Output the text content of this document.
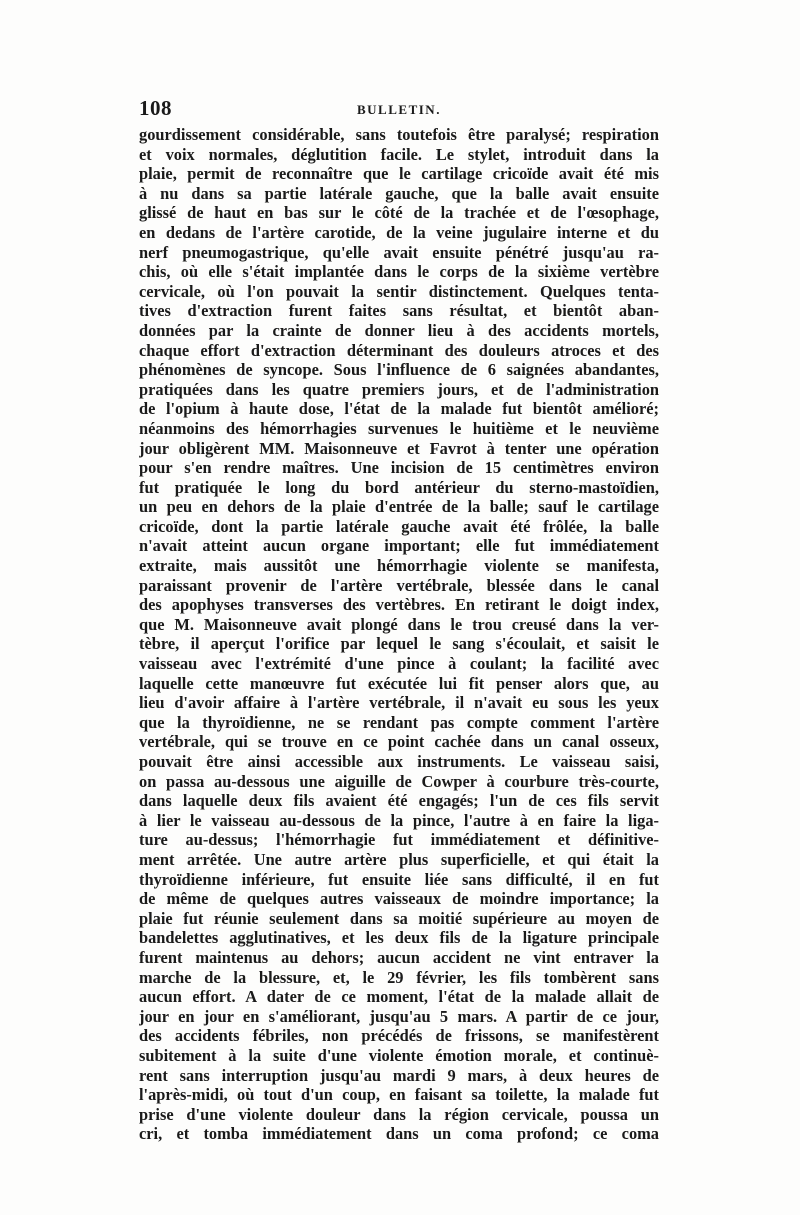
108	BULLETIN.
gourdissement considérable, sans toutefois être paralysé; respiration
et voix normales, déglutition facile. Le stylet, introduit dans la
plaie, permit de reconnaître que le cartilage cricoïde avait été mis
à nu dans sa partie latérale gauche, que la balle avait ensuite
glissé de haut en bas sur le côté de la trachée et de l'œsophage,
en dedans de l'artère carotide, de la veine jugulaire interne et du
nerf pneumogastrique, qu'elle avait ensuite pénétré jusqu'au ra-
chis, où elle s'était implantée dans le corps de la sixième vertèbre
cervicale, où l'on pouvait la sentir distinctement. Quelques tenta-
tives d'extraction furent faites sans résultat, et bientôt aban-
données par la crainte de donner lieu à des accidents mortels,
chaque effort d'extraction déterminant des douleurs atroces et des
phénomènes de syncope. Sous l'influence de 6 saignées abandantes,
pratiquées dans les quatre premiers jours, et de l'administration
de l'opium à haute dose, l'état de la malade fut bientôt amélioré;
néanmoins des hémorrhagies survenues le huitième et le neuvième
jour obligèrent MM. Maisonneuve et Favrot à tenter une opération
pour s'en rendre maîtres. Une incision de 15 centimètres environ
fut pratiquée le long du bord antérieur du sterno-mastoïdien,
un peu en dehors de la plaie d'entrée de la balle; sauf le cartilage
cricoïde, dont la partie latérale gauche avait été frôlée, la balle
n'avait atteint aucun organe important; elle fut immédiatement
extraite, mais aussitôt une hémorrhagie violente se manifesta,
paraissant provenir de l'artère vertébrale, blessée dans le canal
des apophyses transverses des vertèbres. En retirant le doigt index,
que M. Maisonneuve avait plongé dans le trou creusé dans la ver-
tèbre, il aperçut l'orifice par lequel le sang s'écoulait, et saisit le
vaisseau avec l'extrémité d'une pince à coulant; la facilité avec
laquelle cette manœuvre fut exécutée lui fit penser alors que, au
lieu d'avoir affaire à l'artère vertébrale, il n'avait eu sous les yeux
que la thyroïdienne, ne se rendant pas compte comment l'artère
vertébrale, qui se trouve en ce point cachée dans un canal osseux,
pouvait être ainsi accessible aux instruments. Le vaisseau saisi,
on passa au-dessous une aiguille de Cowper à courbure très-courte,
dans laquelle deux fils avaient été engagés; l'un de ces fils servit
à lier le vaisseau au-dessous de la pince, l'autre à en faire la liga-
ture au-dessus; l'hémorrhagie fut immédiatement et définitive-
ment arrêtée. Une autre artère plus superficielle, et qui était la
thyroïdienne inférieure, fut ensuite liée sans difficulté, il en fut
de même de quelques autres vaisseaux de moindre importance; la
plaie fut réunie seulement dans sa moitié supérieure au moyen de
bandelettes agglutinatives, et les deux fils de la ligature principale
furent maintenus au dehors; aucun accident ne vint entraver la
marche de la blessure, et, le 29 février, les fils tombèrent sans
aucun effort. A dater de ce moment, l'état de la malade allait de
jour en jour en s'améliorant, jusqu'au 5 mars. A partir de ce jour,
des accidents fébriles, non précédés de frissons, se manifestèrent
subitement à la suite d'une violente émotion morale, et continuè-
rent sans interruption jusqu'au mardi 9 mars, à deux heures de
l'après-midi, où tout d'un coup, en faisant sa toilette, la malade fut
prise d'une violente douleur dans la région cervicale, poussa un
cri, et tomba immédiatement dans un coma profond; ce coma
